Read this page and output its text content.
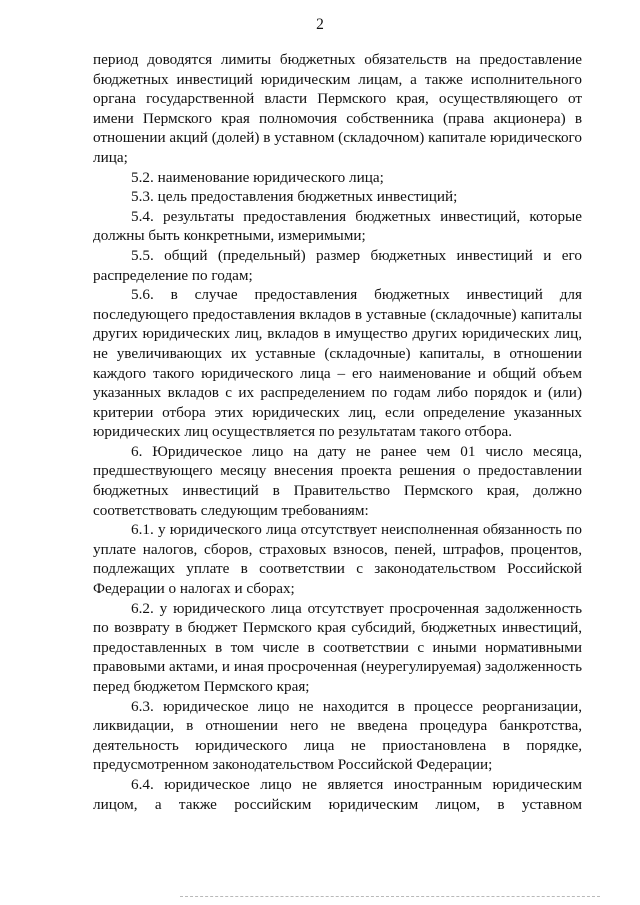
2

период доводятся лимиты бюджетных обязательств на предоставление бюджетных инвестиций юридическим лицам, а также исполнительного органа государственной власти Пермского края, осуществляющего от имени Пермского края полномочия собственника (права акционера) в отношении акций (долей) в уставном (складочном) капитале юридического лица;

5.2. наименование юридического лица;

5.3. цель предоставления бюджетных инвестиций;

5.4. результаты предоставления бюджетных инвестиций, которые должны быть конкретными, измеримыми;

5.5. общий (предельный) размер бюджетных инвестиций и его распределение по годам;

5.6. в случае предоставления бюджетных инвестиций для последующего предоставления вкладов в уставные (складочные) капиталы других юридических лиц, вкладов в имущество других юридических лиц, не увеличивающих их уставные (складочные) капиталы, в отношении каждого такого юридического лица – его наименование и общий объем указанных вкладов с их распределением по годам либо порядок и (или) критерии отбора этих юридических лиц, если определение указанных юридических лиц осуществляется по результатам такого отбора.

6. Юридическое лицо на дату не ранее чем 01 число месяца, предшествующего месяцу внесения проекта решения о предоставлении бюджетных инвестиций в Правительство Пермского края, должно соответствовать следующим требованиям:

6.1. у юридического лица отсутствует неисполненная обязанность по уплате налогов, сборов, страховых взносов, пеней, штрафов, процентов, подлежащих уплате в соответствии с законодательством Российской Федерации о налогах и сборах;

6.2. у юридического лица отсутствует просроченная задолженность по возврату в бюджет Пермского края субсидий, бюджетных инвестиций, предоставленных в том числе в соответствии с иными нормативными правовыми актами, и иная просроченная (неурегулируемая) задолженность перед бюджетом Пермского края;

6.3. юридическое лицо не находится в процессе реорганизации, ликвидации, в отношении него не введена процедура банкротства, деятельность юридического лица не приостановлена в порядке, предусмотренном законодательством Российской Федерации;

6.4. юридическое лицо не является иностранным юридическим лицом, а также российским юридическим лицом, в уставном
